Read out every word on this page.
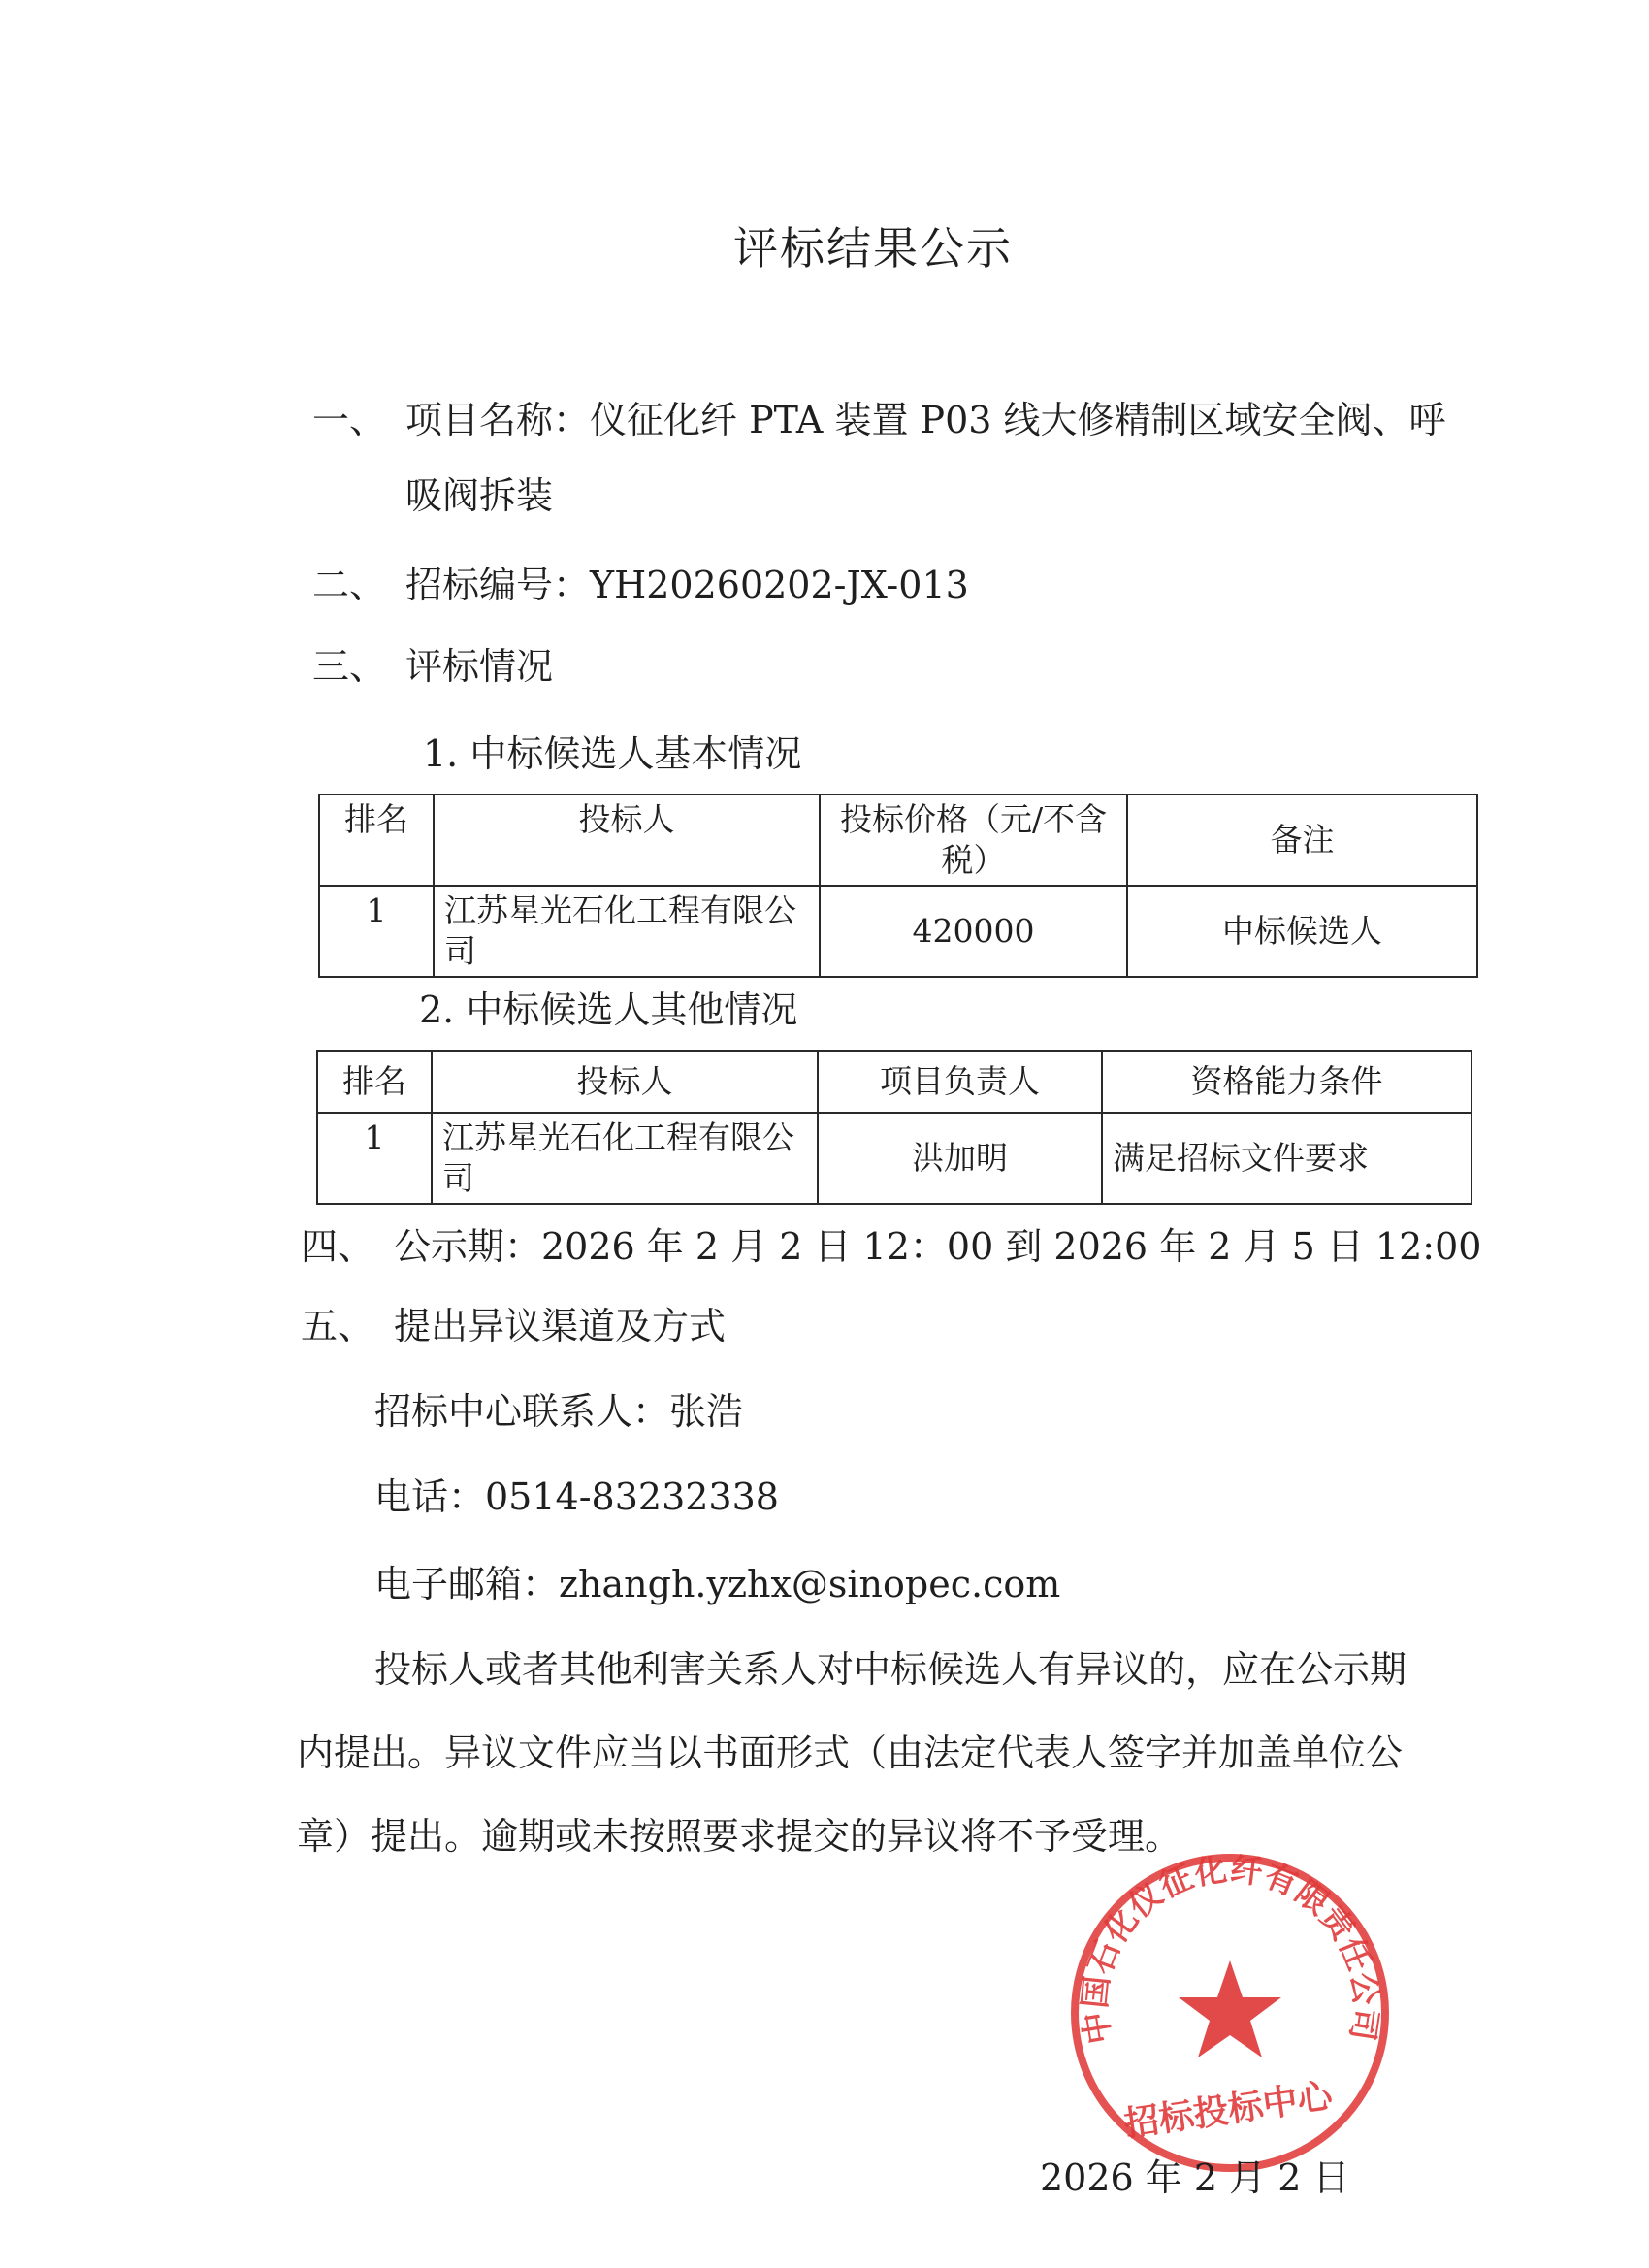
评标结果公示
一、 项目名称：仪征化纤 PTA 装置 P03 线大修精制区域安全阀、呼
吸阀拆装
二、 招标编号：YH20260202-JX-013
三、 评标情况
1. 中标候选人基本情况
排名	投标人	投标价格（元/不含税）	备注
1	江苏星光石化工程有限公司	420000	中标候选人
2. 中标候选人其他情况
排名	投标人	项目负责人	资格能力条件
1	江苏星光石化工程有限公司	洪加明	满足招标文件要求
四、 公示期：2026 年 2 月 2 日 12：00 到 2026 年 2 月 5 日 12:00
五、 提出异议渠道及方式
招标中心联系人：张浩
电话：0514-83232338
电子邮箱：zhangh.yzhx@sinopec.com
投标人或者其他利害关系人对中标候选人有异议的，应在公示期
内提出。异议文件应当以书面形式（由法定代表人签字并加盖单位公
章）提出。逾期或未按照要求提交的异议将不予受理。
中国石化仪征化纤有限责任公司
招标投标中心
2026 年 2 月 2 日
